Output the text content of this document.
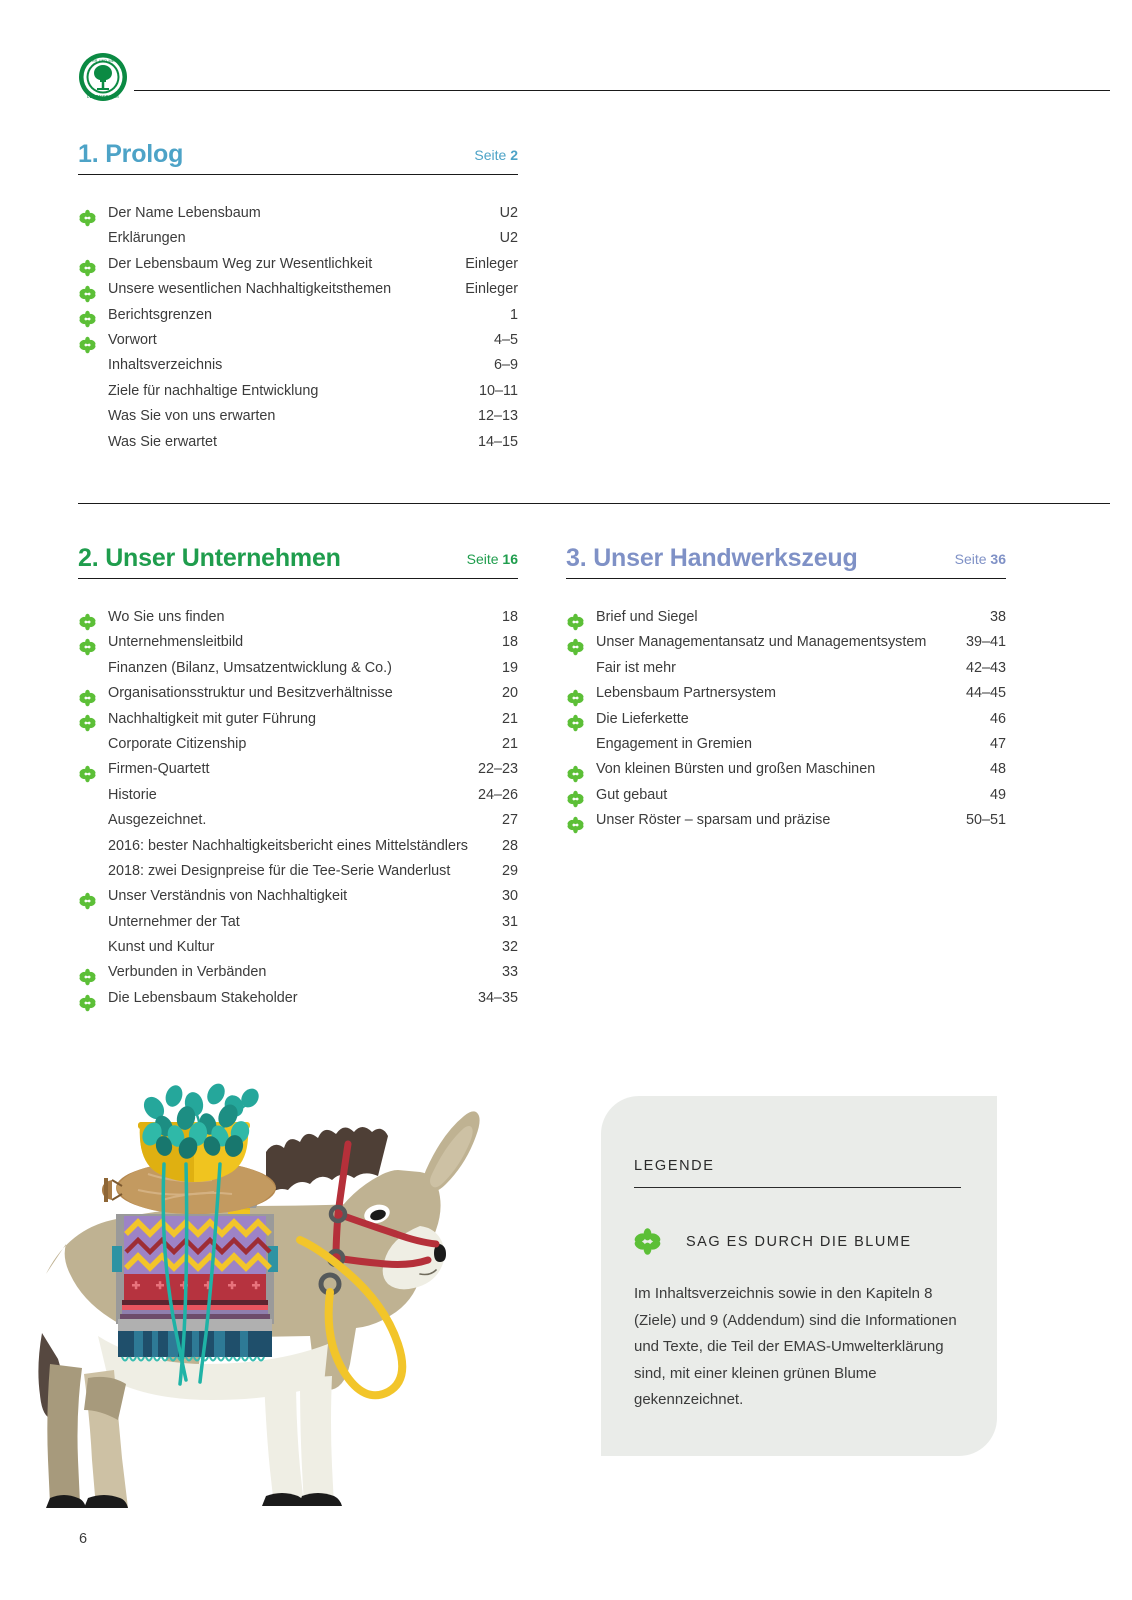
MEHR UND MEHR
LEBENSBAUM
1. Prolog	Seite 2
Der Name Lebensbaum	U2
Erklärungen	U2
Der Lebensbaum Weg zur Wesentlichkeit	Einleger
Unsere wesentlichen Nachhaltigkeitsthemen	Einleger
Berichtsgrenzen	1
Vorwort	4–5
Inhaltsverzeichnis	6–9
Ziele für nachhaltige Entwicklung	10–11
Was Sie von uns erwarten	12–13
Was Sie erwartet	14–15
2. Unser Unternehmen	Seite 16
Wo Sie uns finden	18
Unternehmensleitbild	18
Finanzen (Bilanz, Umsatzentwicklung & Co.)	19
Organisationsstruktur und Besitzverhältnisse	20
Nachhaltigkeit mit guter Führung	21
Corporate Citizenship	21
Firmen-Quartett	22–23
Historie	24–26
Ausgezeichnet.	27
2016: bester Nachhaltigkeitsbericht eines Mittelständlers	28
2018: zwei Designpreise für die Tee-Serie Wanderlust	29
Unser Verständnis von Nachhaltigkeit	30
Unternehmer der Tat	31
Kunst und Kultur	32
Verbunden in Verbänden	33
Die Lebensbaum Stakeholder	34–35
3. Unser Handwerkszeug	Seite 36
Brief und Siegel	38
Unser Managementansatz und Managementsystem	39–41
Fair ist mehr	42–43
Lebensbaum Partnersystem	44–45
Die Lieferkette	46
Engagement in Gremien	47
Von kleinen Bürsten und großen Maschinen	48
Gut gebaut	49
Unser Röster – sparsam und präzise	50–51
LEGENDE
SAG ES DURCH DIE BLUME
Im Inhaltsverzeichnis sowie in den Kapiteln 8 (Ziele) und 9 (Addendum) sind die Informationen und Texte, die Teil der EMAS-Umwelterklärung sind, mit einer kleinen grünen Blume gekennzeichnet.
6
